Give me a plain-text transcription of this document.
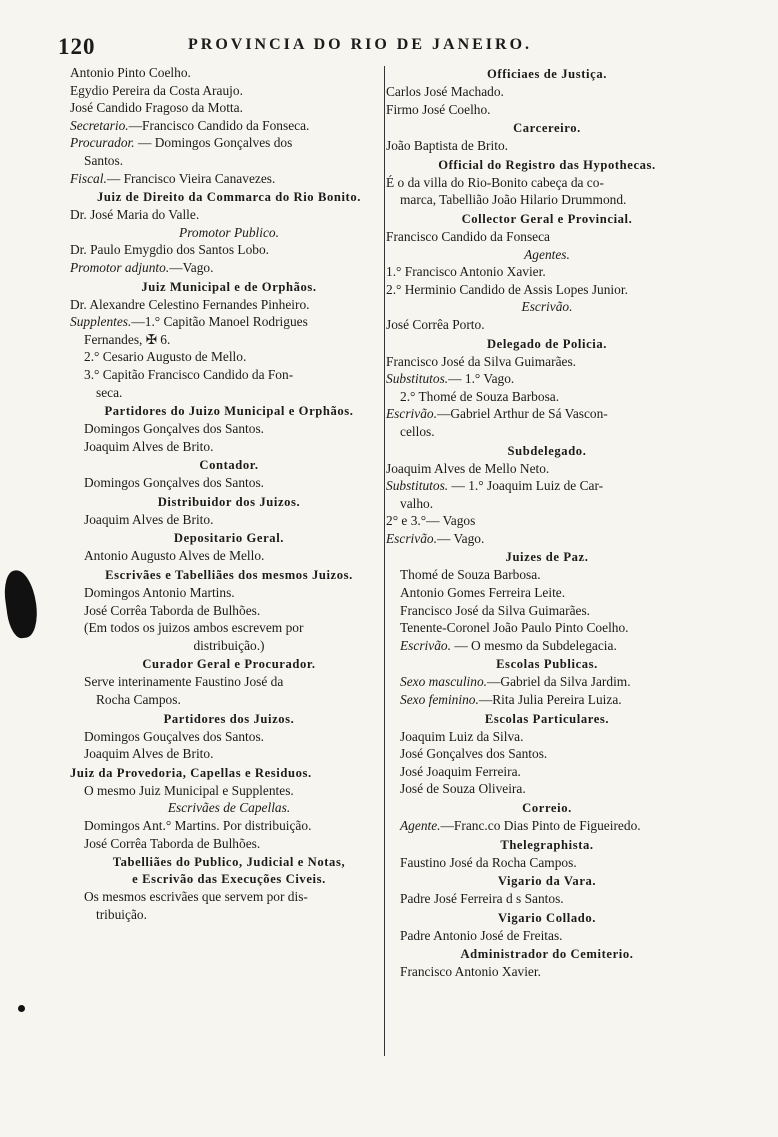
120	PROVINCIA DO RIO DE JANEIRO.
Antonio Pinto Coelho.
Egydio Pereira da Costa Araujo.
José Candido Fragoso da Motta.
Secretario.—Francisco Candido da Fonseca.
Procurador. — Domingos Gonçalves dos
Santos.
Fiscal.— Francisco Vieira Canavezes.
Juiz de Direito da Commarca do Rio Bonito.
Dr. José Maria do Valle.
Promotor Publico.
Dr. Paulo Emygdio dos Santos Lobo.
Promotor adjunto.—Vago.
Juiz Municipal e de Orphãos.
Dr. Alexandre Celestino Fernandes Pinheiro.
Supplentes.—1.° Capitão Manoel Rodrigues
Fernandes, ✠ 6.
2.° Cesario Augusto de Mello.
3.° Capitão Francisco Candido da Fon-
seca.
Partidores do Juizo Municipal e Orphãos.
Domingos Gonçalves dos Santos.
Joaquim Alves de Brito.
Contador.
Domingos Gonçalves dos Santos.
Distribuidor dos Juizos.
Joaquim Alves de Brito.
Depositario Geral.
Antonio Augusto Alves de Mello.
Escrivães e Tabelliães dos mesmos Juizos.
Domingos Antonio Martins.
José Corrêa Taborda de Bulhões.
(Em todos os juizos ambos escrevem por
distribuição.)
Curador Geral e Procurador.
Serve interinamente Faustino José da
Rocha Campos.
Partidores dos Juizos.
Domingos Gouçalves dos Santos.
Joaquim Alves de Brito.
Juiz da Provedoria, Capellas e Residuos.
O mesmo Juiz Municipal e Supplentes.
Escrivães de Capellas.
Domingos Ant.° Martins. Por distribuição.
José Corrêa Taborda de Bulhões.
Tabelliães do Publico, Judicial e Notas,
e Escrivão das Execuções Civeis.
Os mesmos escrivães que servem por dis-
tribuição.
Officiaes de Justiça.
Carlos José Machado.
Firmo José Coelho.
Carcereiro.
João Baptista de Brito.
Official do Registro das Hypothecas.
É o da villa do Rio-Bonito cabeça da co-
marca, Tabellião João Hilario Drummond.
Collector Geral e Provincial.
Francisco Candido da Fonseca
Agentes.
1.° Francisco Antonio Xavier.
2.° Herminio Candido de Assis Lopes Junior.
Escrivão.
José Corrêa Porto.
Delegado de Policia.
Francisco José da Silva Guimarães.
Substitutos.— 1.° Vago.
2.° Thomé de Souza Barbosa.
Escrivão.—Gabriel Arthur de Sá Vascon-
cellos.
Subdelegado.
Joaquim Alves de Mello Neto.
Substitutos. — 1.° Joaquim Luiz de Car-
valho.
2° e 3.°— Vagos
Escrivão.— Vago.
Juizes de Paz.
Thomé de Souza Barbosa.
Antonio Gomes Ferreira Leite.
Francisco José da Silva Guimarães.
Tenente-Coronel João Paulo Pinto Coelho.
Escrivão. — O mesmo da Subdelegacia.
Escolas Publicas.
Sexo masculino.—Gabriel da Silva Jardim.
Sexo feminino.—Rita Julia Pereira Luiza.
Escolas Particulares.
Joaquim Luiz da Silva.
José Gonçalves dos Santos.
José Joaquim Ferreira.
José de Souza Oliveira.
Correio.
Agente.—Franc.co Dias Pinto de Figueiredo.
Thelegraphista.
Faustino José da Rocha Campos.
Vigario da Vara.
Padre José Ferreira d s Santos.
Vigario Collado.
Padre Antonio José de Freitas.
Administrador do Cemiterio.
Francisco Antonio Xavier.
